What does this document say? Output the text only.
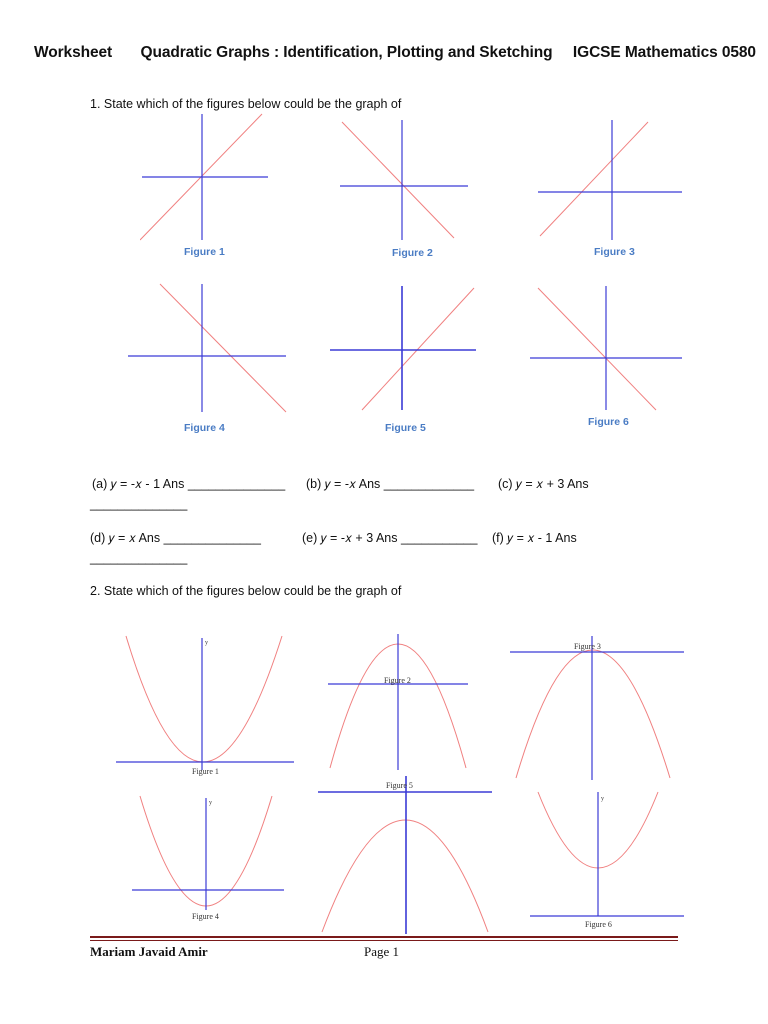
Worksheet Quadratic Graphs : Identification, Plotting and Sketching IGCSE Mathematics 0580
1. State which of the figures below could be the graph of
Figure 1	Figure 2	Figure 3
Figure 4	Figure 5	Figure 6
(a) 𝑦 = -𝑥 - 1 Ans ______________ (b) 𝑦 = -𝑥 Ans _____________ (c) 𝑦 = 𝑥 + 3 Ans
______________
(d) 𝑦 = 𝑥 Ans ______________	(e) 𝑦 = -𝑥 + 3 Ans ___________ (f) 𝑦 = 𝑥 - 1 Ans
______________
2. State which of the figures below could be the graph of
y
Figure 1
Figure 2
Figure 3
y
Figure 4
Figure 5
y
Figure 6
Mariam Javaid Amir	Page 1
